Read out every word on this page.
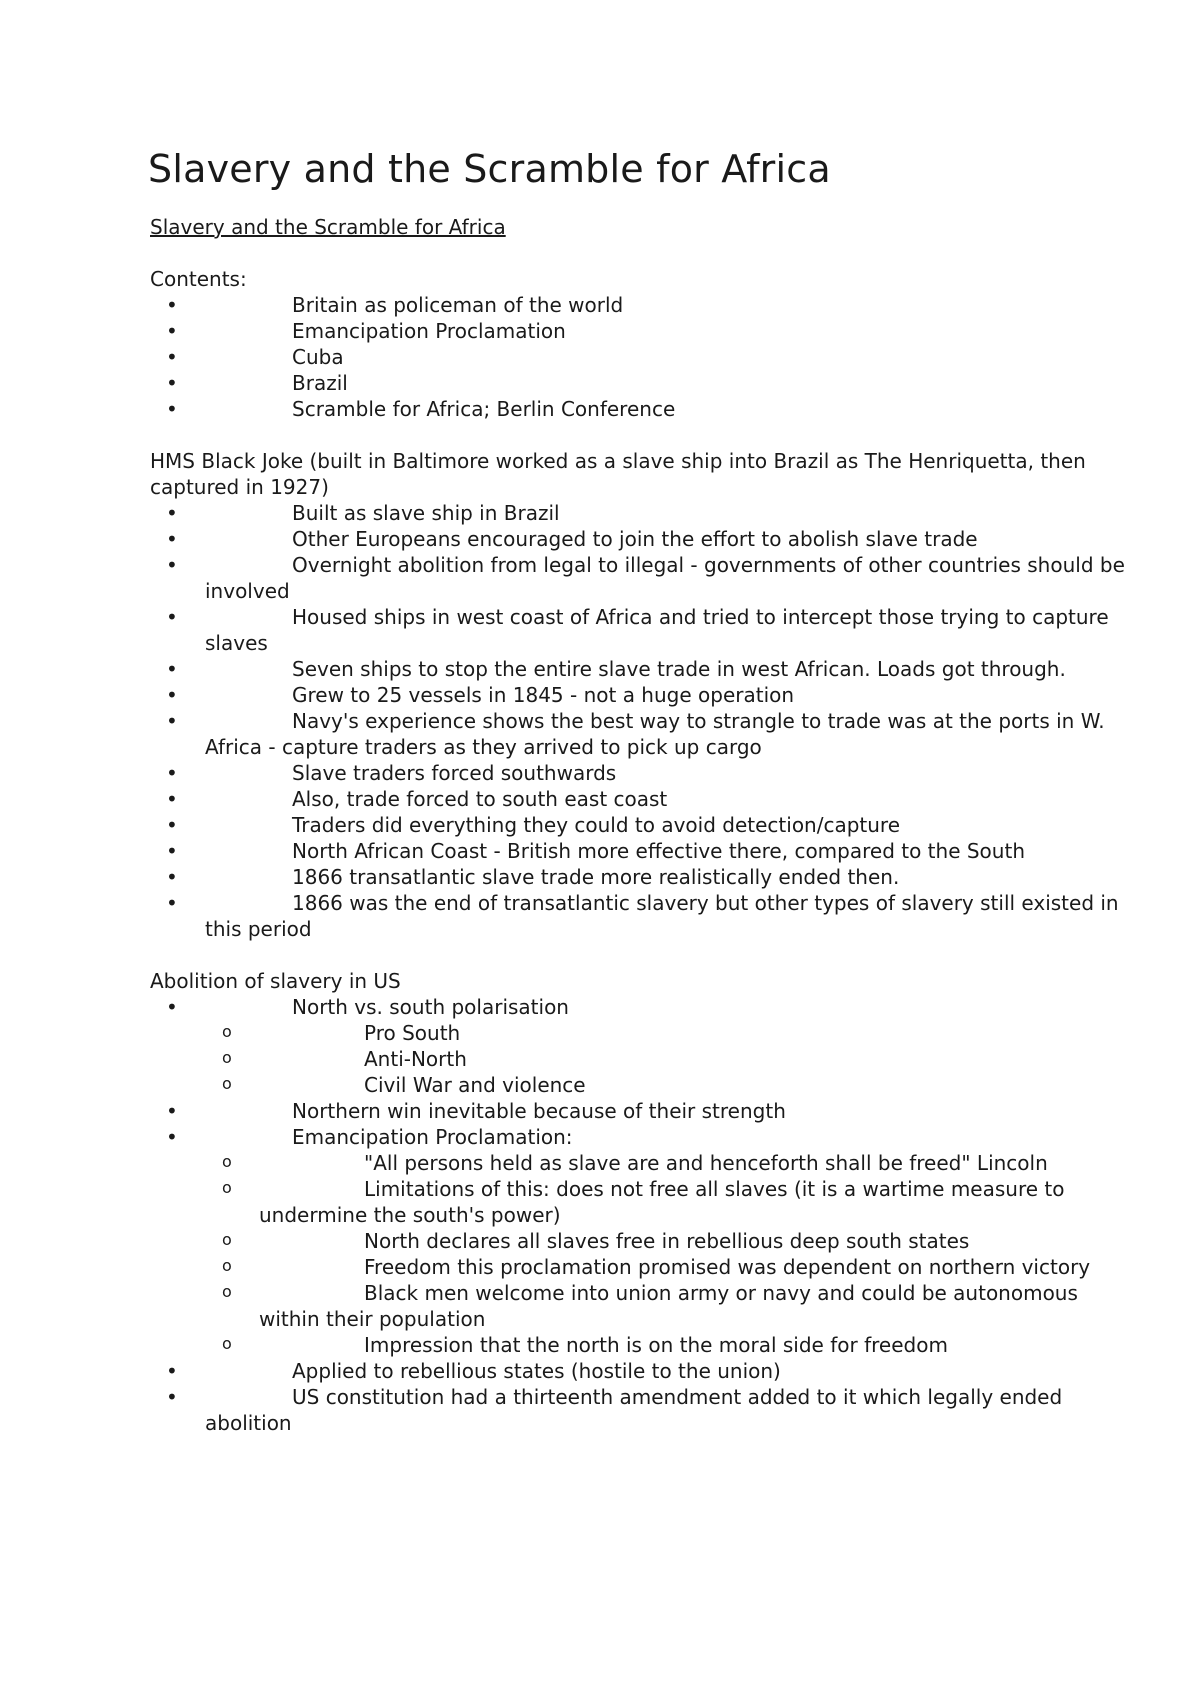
Slavery and the Scramble for Africa
Slavery and the Scramble for Africa
Contents:
•	Britain as policeman of the world
•	Emancipation Proclamation
•	Cuba
•	Brazil
•	Scramble for Africa; Berlin Conference
HMS Black Joke (built in Baltimore worked as a slave ship into Brazil as The Henriquetta, then captured in 1927)
•	Built as slave ship in Brazil
•	Other Europeans encouraged to join the effort to abolish slave trade
•	Overnight abolition from legal to illegal - governments of other countries should be involved
•	Housed ships in west coast of Africa and tried to intercept those trying to capture slaves
•	Seven ships to stop the entire slave trade in west African. Loads got through.
•	Grew to 25 vessels in 1845 - not a huge operation
•	Navy's experience shows the best way to strangle to trade was at the ports in W. Africa - capture traders as they arrived to pick up cargo
•	Slave traders forced southwards
•	Also, trade forced to south east coast
•	Traders did everything they could to avoid detection/capture
•	North African Coast - British more effective there, compared to the South
•	1866 transatlantic slave trade more realistically ended then.
•	1866 was the end of transatlantic slavery but other types of slavery still existed in this period
Abolition of slavery in US
•	North vs. south polarisation
o	Pro South
o	Anti-North
o	Civil War and violence
•	Northern win inevitable because of their strength
•	Emancipation Proclamation:
o	"All persons held as slave are and henceforth shall be freed" Lincoln
o	Limitations of this: does not free all slaves (it is a wartime measure to undermine the south's power)
o	North declares all slaves free in rebellious deep south states
o	Freedom this proclamation promised was dependent on northern victory
o	Black men welcome into union army or navy and could be autonomous within their population
o	Impression that the north is on the moral side for freedom
•	Applied to rebellious states (hostile to the union)
•	US constitution had a thirteenth amendment added to it which legally ended abolition
